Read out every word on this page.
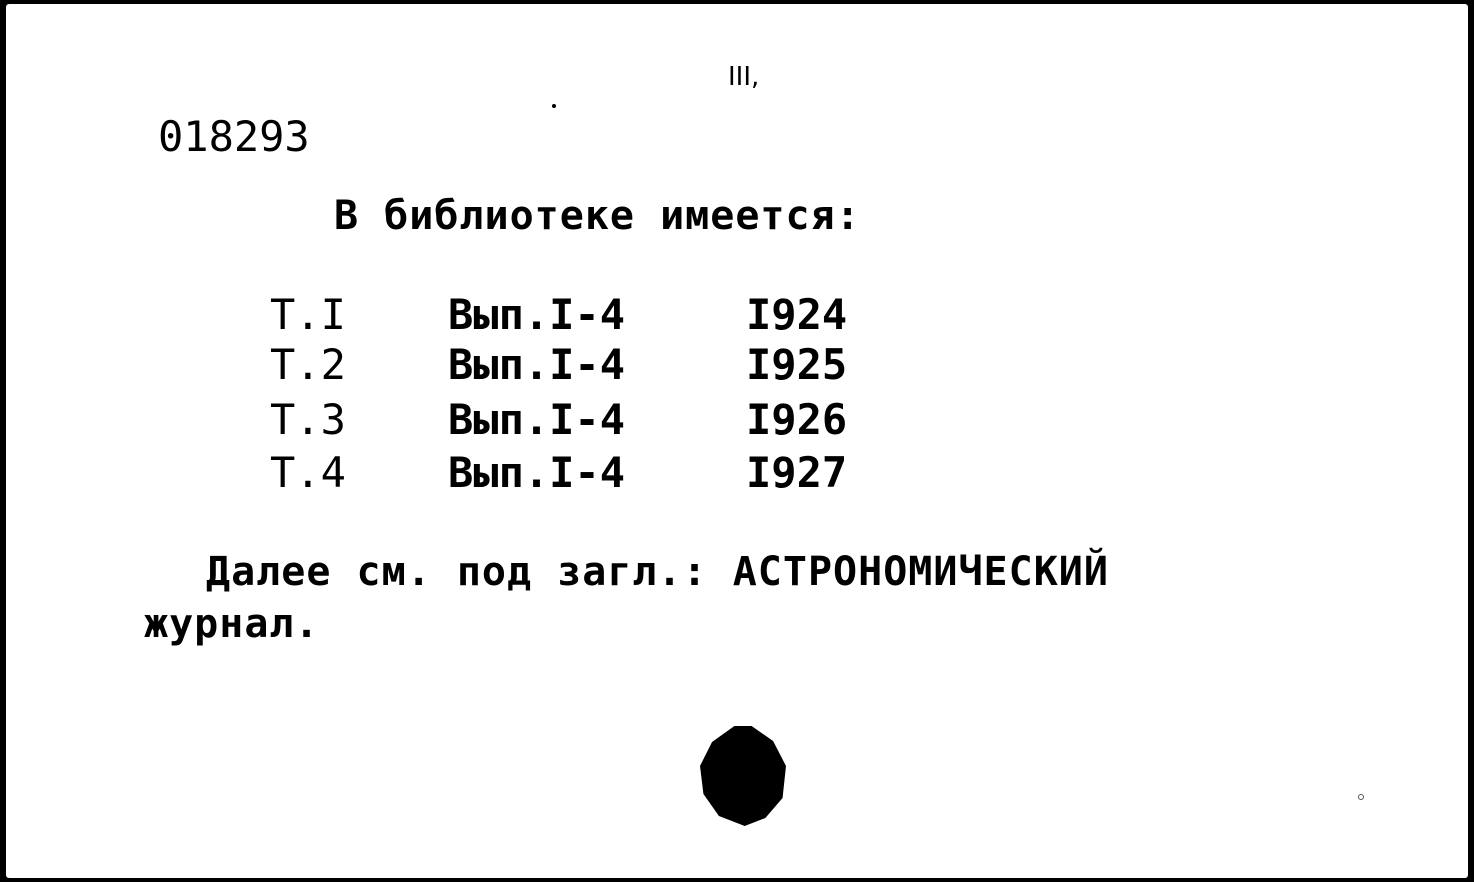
III,
018293
В библиотеке имеется:
Т.I Вып.I-4	I924
Т.2 Вып.I-4	I925
Т.3 Вып.I-4	I926
Т.4 Вып.I-4	I927
Далее см. под загл.: АСТРОНОМИЧЕСКИЙ
журнал.
